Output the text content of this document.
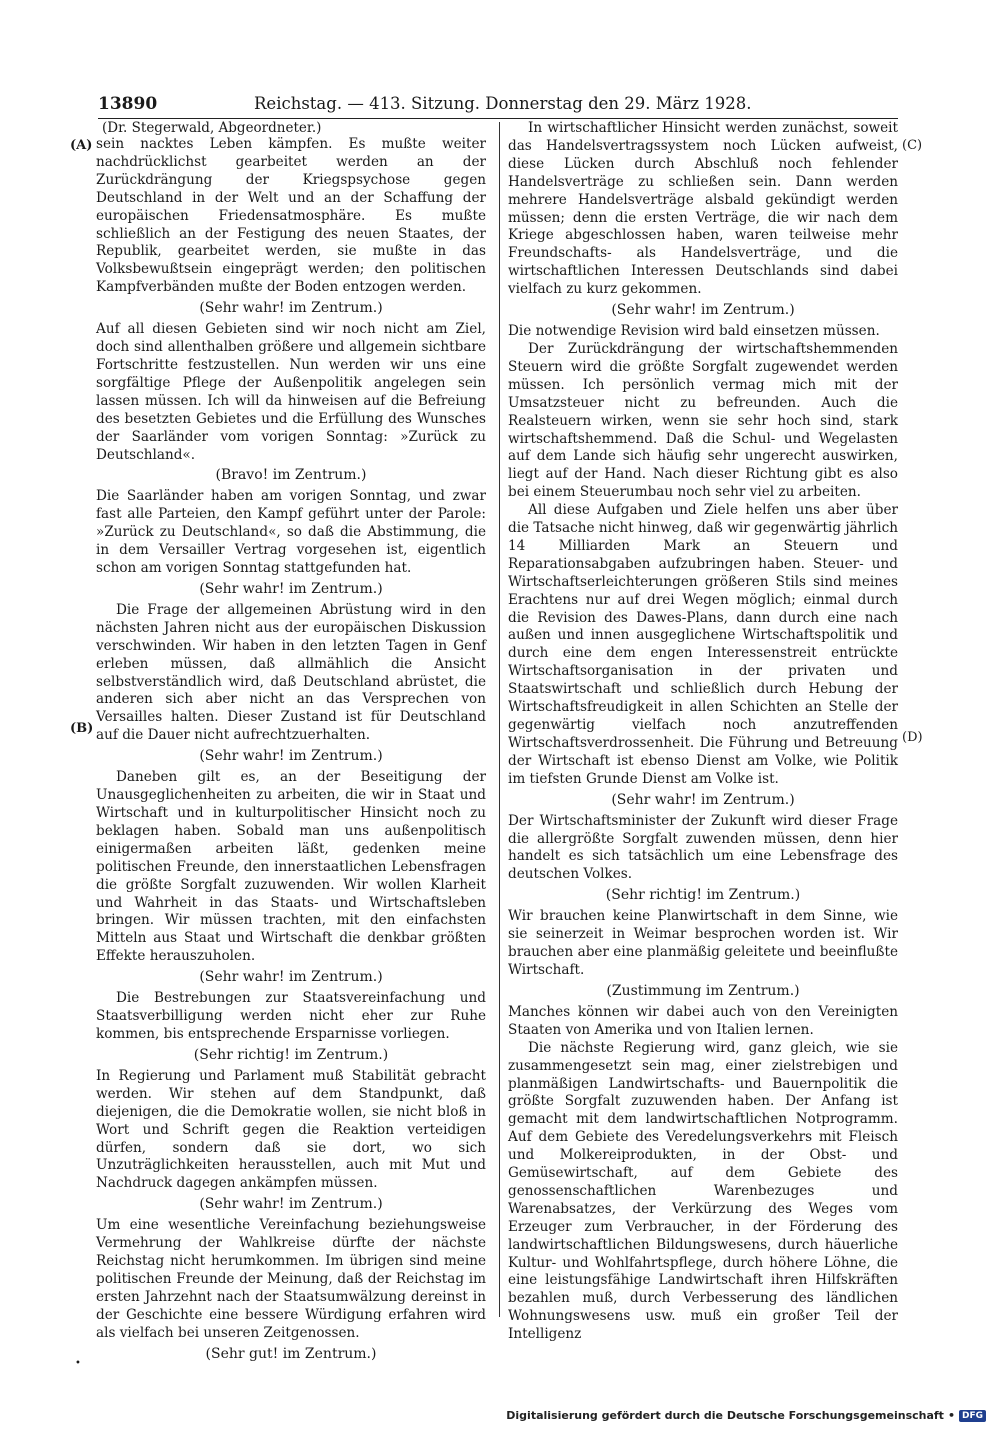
13890	Reichstag. — 413. Sitzung. Donnerstag den 29. März 1928.
(A)
(B)
(C)
(D)
(Dr. Stegerwald, Abgeordneter.)
sein nacktes Leben kämpfen. Es mußte weiter nachdrücklichst gearbeitet werden an der Zurückdrängung der Kriegspsychose gegen Deutschland in der Welt und an der Schaffung der europäischen Friedensatmosphäre. Es mußte schließlich an der Festigung des neuen Staates, der Republik, gearbeitet werden, sie mußte in das Volksbewußtsein eingeprägt werden; den politischen Kampfverbänden mußte der Boden entzogen werden.
(Sehr wahr! im Zentrum.)
Auf all diesen Gebieten sind wir noch nicht am Ziel, doch sind allenthalben größere und allgemein sichtbare Fortschritte festzustellen. Nun werden wir uns eine sorgfältige Pflege der Außenpolitik angelegen sein lassen müssen. Ich will da hinweisen auf die Befreiung des besetzten Gebietes und die Erfüllung des Wunsches der Saarländer vom vorigen Sonntag: »Zurück zu Deutschland«.
(Bravo! im Zentrum.)
Die Saarländer haben am vorigen Sonntag, und zwar fast alle Parteien, den Kampf geführt unter der Parole: »Zurück zu Deutschland«, so daß die Abstimmung, die in dem Versailler Vertrag vorgesehen ist, eigentlich schon am vorigen Sonntag stattgefunden hat.
(Sehr wahr! im Zentrum.)
Die Frage der allgemeinen Abrüstung wird in den nächsten Jahren nicht aus der europäischen Diskussion verschwinden. Wir haben in den letzten Tagen in Genf erleben müssen, daß allmählich die Ansicht selbstverständlich wird, daß Deutschland abrüstet, die anderen sich aber nicht an das Versprechen von Versailles halten. Dieser Zustand ist für Deutschland auf die Dauer nicht aufrechtzuerhalten.
(Sehr wahr! im Zentrum.)
Daneben gilt es, an der Beseitigung der Unausgeglichenheiten zu arbeiten, die wir in Staat und Wirtschaft und in kulturpolitischer Hinsicht noch zu beklagen haben. Sobald man uns außenpolitisch einigermaßen arbeiten läßt, gedenken meine politischen Freunde, den innerstaatlichen Lebensfragen die größte Sorgfalt zuzuwenden. Wir wollen Klarheit und Wahrheit in das Staats- und Wirtschaftsleben bringen. Wir müssen trachten, mit den einfachsten Mitteln aus Staat und Wirtschaft die denkbar größten Effekte herauszuholen.
(Sehr wahr! im Zentrum.)
Die Bestrebungen zur Staatsvereinfachung und Staatsverbilligung werden nicht eher zur Ruhe kommen, bis entsprechende Ersparnisse vorliegen.
(Sehr richtig! im Zentrum.)
In Regierung und Parlament muß Stabilität gebracht werden. Wir stehen auf dem Standpunkt, daß diejenigen, die die Demokratie wollen, sie nicht bloß in Wort und Schrift gegen die Reaktion verteidigen dürfen, sondern daß sie dort, wo sich Unzuträglichkeiten herausstellen, auch mit Mut und Nachdruck dagegen ankämpfen müssen.
(Sehr wahr! im Zentrum.)
Um eine wesentliche Vereinfachung beziehungsweise Vermehrung der Wahlkreise dürfte der nächste Reichstag nicht herumkommen. Im übrigen sind meine politischen Freunde der Meinung, daß der Reichstag im ersten Jahrzehnt nach der Staatsumwälzung dereinst in der Geschichte eine bessere Würdigung erfahren wird als vielfach bei unseren Zeitgenossen.
(Sehr gut! im Zentrum.)
In wirtschaftlicher Hinsicht werden zunächst, soweit das Handelsvertragssystem noch Lücken aufweist, diese Lücken durch Abschluß noch fehlender Handelsverträge zu schließen sein. Dann werden mehrere Handelsverträge alsbald gekündigt werden müssen; denn die ersten Verträge, die wir nach dem Kriege abgeschlossen haben, waren teilweise mehr Freundschafts- als Handelsverträge, und die wirtschaftlichen Interessen Deutschlands sind dabei vielfach zu kurz gekommen.
(Sehr wahr! im Zentrum.)
Die notwendige Revision wird bald einsetzen müssen.
Der Zurückdrängung der wirtschaftshemmenden Steuern wird die größte Sorgfalt zugewendet werden müssen. Ich persönlich vermag mich mit der Umsatzsteuer nicht zu befreunden. Auch die Realsteuern wirken, wenn sie sehr hoch sind, stark wirtschaftshemmend. Daß die Schul- und Wegelasten auf dem Lande sich häufig sehr ungerecht auswirken, liegt auf der Hand. Nach dieser Richtung gibt es also bei einem Steuerumbau noch sehr viel zu arbeiten.
All diese Aufgaben und Ziele helfen uns aber über die Tatsache nicht hinweg, daß wir gegenwärtig jährlich 14 Milliarden Mark an Steuern und Reparationsabgaben aufzubringen haben. Steuer- und Wirtschaftserleichterungen größeren Stils sind meines Erachtens nur auf drei Wegen möglich; einmal durch die Revision des Dawes-Plans, dann durch eine nach außen und innen ausgeglichene Wirtschaftspolitik und durch eine dem engen Interessenstreit entrückte Wirtschaftsorganisation in der privaten und Staatswirtschaft und schließlich durch Hebung der Wirtschaftsfreudigkeit in allen Schichten an Stelle der gegenwärtig vielfach noch anzutreffenden Wirtschaftsverdrossenheit. Die Führung und Betreuung der Wirtschaft ist ebenso Dienst am Volke, wie Politik im tiefsten Grunde Dienst am Volke ist.
(Sehr wahr! im Zentrum.)
Der Wirtschaftsminister der Zukunft wird dieser Frage die allergrößte Sorgfalt zuwenden müssen, denn hier handelt es sich tatsächlich um eine Lebensfrage des deutschen Volkes.
(Sehr richtig! im Zentrum.)
Wir brauchen keine Planwirtschaft in dem Sinne, wie sie seinerzeit in Weimar besprochen worden ist. Wir brauchen aber eine planmäßig geleitete und beeinflußte Wirtschaft.
(Zustimmung im Zentrum.)
Manches können wir dabei auch von den Vereinigten Staaten von Amerika und von Italien lernen.
Die nächste Regierung wird, ganz gleich, wie sie zusammengesetzt sein mag, einer zielstrebigen und planmäßigen Landwirtschafts- und Bauernpolitik die größte Sorgfalt zuzuwenden haben. Der Anfang ist gemacht mit dem landwirtschaftlichen Notprogramm. Auf dem Gebiete des Veredelungsverkehrs mit Fleisch und Molkereiprodukten, in der Obst- und Gemüsewirtschaft, auf dem Gebiete des genossenschaftlichen Warenbezuges und Warenabsatzes, der Verkürzung des Weges vom Erzeuger zum Verbraucher, in der Förderung des landwirtschaftlichen Bildungswesens, durch häuerliche Kultur- und Wohlfahrtspflege, durch höhere Löhne, die eine leistungsfähige Landwirtschaft ihren Hilfskräften bezahlen muß, durch Verbesserung des ländlichen Wohnungswesens usw. muß ein großer Teil der Intelligenz
•
Digitalisierung gefördert durch die Deutsche Forschungsgemeinschaft • DFG
